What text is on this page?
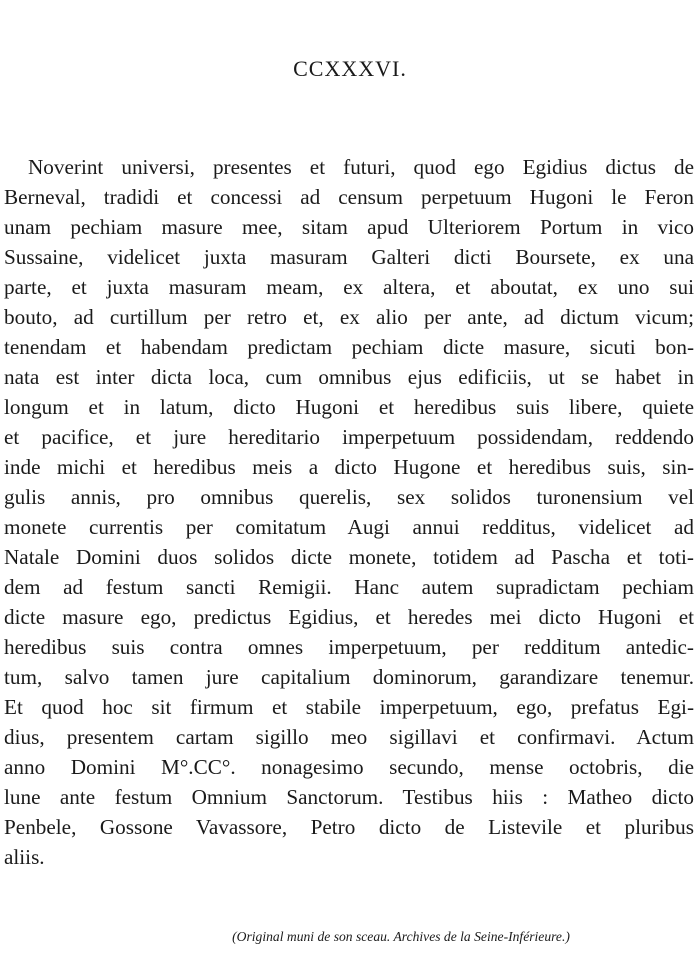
CCXXXVI.
Noverint universi, presentes et futuri, quod ego Egidius dictus de
Berneval, tradidi et concessi ad censum perpetuum Hugoni le Feron
unam pechiam masure mee, sitam apud Ulteriorem Portum in vico
Sussaine, videlicet juxta masuram Galteri dicti Boursete, ex una
parte, et juxta masuram meam, ex altera, et aboutat, ex uno sui
bouto, ad curtillum per retro et, ex alio per ante, ad dictum vicum;
tenendam et habendam predictam pechiam dicte masure, sicuti bon-
nata est inter dicta loca, cum omnibus ejus edificiis, ut se habet in
longum et in latum, dicto Hugoni et heredibus suis libere, quiete
et pacifice, et jure hereditario imperpetuum possidendam, reddendo
inde michi et heredibus meis a dicto Hugone et heredibus suis, sin-
gulis annis, pro omnibus querelis, sex solidos turonensium vel
monete currentis per comitatum Augi annui redditus, videlicet ad
Natale Domini duos solidos dicte monete, totidem ad Pascha et toti-
dem ad festum sancti Remigii. Hanc autem supradictam pechiam
dicte masure ego, predictus Egidius, et heredes mei dicto Hugoni et
heredibus suis contra omnes imperpetuum, per redditum antedic-
tum, salvo tamen jure capitalium dominorum, garandizare tenemur.
Et quod hoc sit firmum et stabile imperpetuum, ego, prefatus Egi-
dius, presentem cartam sigillo meo sigillavi et confirmavi. Actum
anno Domini M°.CC°. nonagesimo secundo, mense octobris, die
lune ante festum Omnium Sanctorum. Testibus hiis : Matheo dicto
Penbele, Gossone Vavassore, Petro dicto de Listevile et pluribus
aliis.
(Original muni de son sceau. Archives de la Seine-Inférieure.)
